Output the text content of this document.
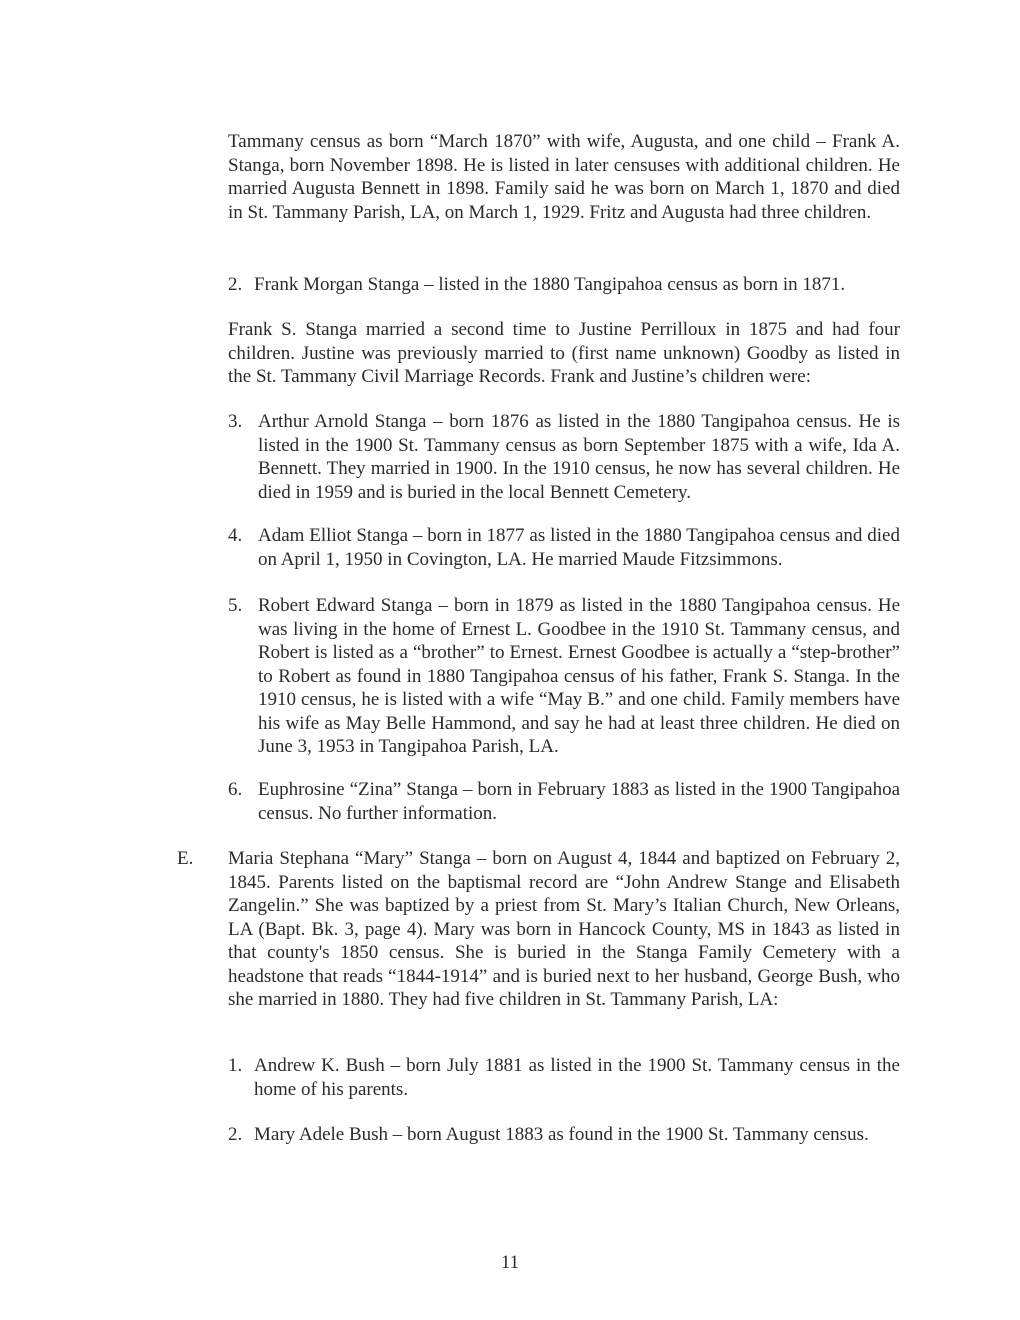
Tammany census as born “March 1870” with wife, Augusta, and one child – Frank A. Stanga, born November 1898. He is listed in later censuses with additional children. He married Augusta Bennett in 1898. Family said he was born on March 1, 1870 and died in St. Tammany Parish, LA, on March 1, 1929. Fritz and Augusta had three children.

2. Frank Morgan Stanga – listed in the 1880 Tangipahoa census as born in 1871.

Frank S. Stanga married a second time to Justine Perrilloux in 1875 and had four children. Justine was previously married to (first name unknown) Goodby as listed in the St. Tammany Civil Marriage Records. Frank and Justine’s children were:

3. Arthur Arnold Stanga – born 1876 as listed in the 1880 Tangipahoa census. He is listed in the 1900 St. Tammany census as born September 1875 with a wife, Ida A. Bennett. They married in 1900. In the 1910 census, he now has several children. He died in 1959 and is buried in the local Bennett Cemetery.

4. Adam Elliot Stanga – born in 1877 as listed in the 1880 Tangipahoa census and died on April 1, 1950 in Covington, LA. He married Maude Fitzsimmons.

5. Robert Edward Stanga – born in 1879 as listed in the 1880 Tangipahoa census. He was living in the home of Ernest L. Goodbee in the 1910 St. Tammany census, and Robert is listed as a “brother” to Ernest. Ernest Goodbee is actually a “step-brother” to Robert as found in 1880 Tangipahoa census of his father, Frank S. Stanga. In the 1910 census, he is listed with a wife “May B.” and one child. Family members have his wife as May Belle Hammond, and say he had at least three children. He died on June 3, 1953 in Tangipahoa Parish, LA.

6. Euphrosine “Zina” Stanga – born in February 1883 as listed in the 1900 Tangipahoa census. No further information.

E. Maria Stephana “Mary” Stanga – born on August 4, 1844 and baptized on February 2, 1845. Parents listed on the baptismal record are “John Andrew Stange and Elisabeth Zangelin.” She was baptized by a priest from St. Mary’s Italian Church, New Orleans, LA (Bapt. Bk. 3, page 4). Mary was born in Hancock County, MS in 1843 as listed in that county's 1850 census. She is buried in the Stanga Family Cemetery with a headstone that reads “1844-1914” and is buried next to her husband, George Bush, who she married in 1880. They had five children in St. Tammany Parish, LA:

1. Andrew K. Bush – born July 1881 as listed in the 1900 St. Tammany census in the home of his parents.

2. Mary Adele Bush – born August 1883 as found in the 1900 St. Tammany census.

11
